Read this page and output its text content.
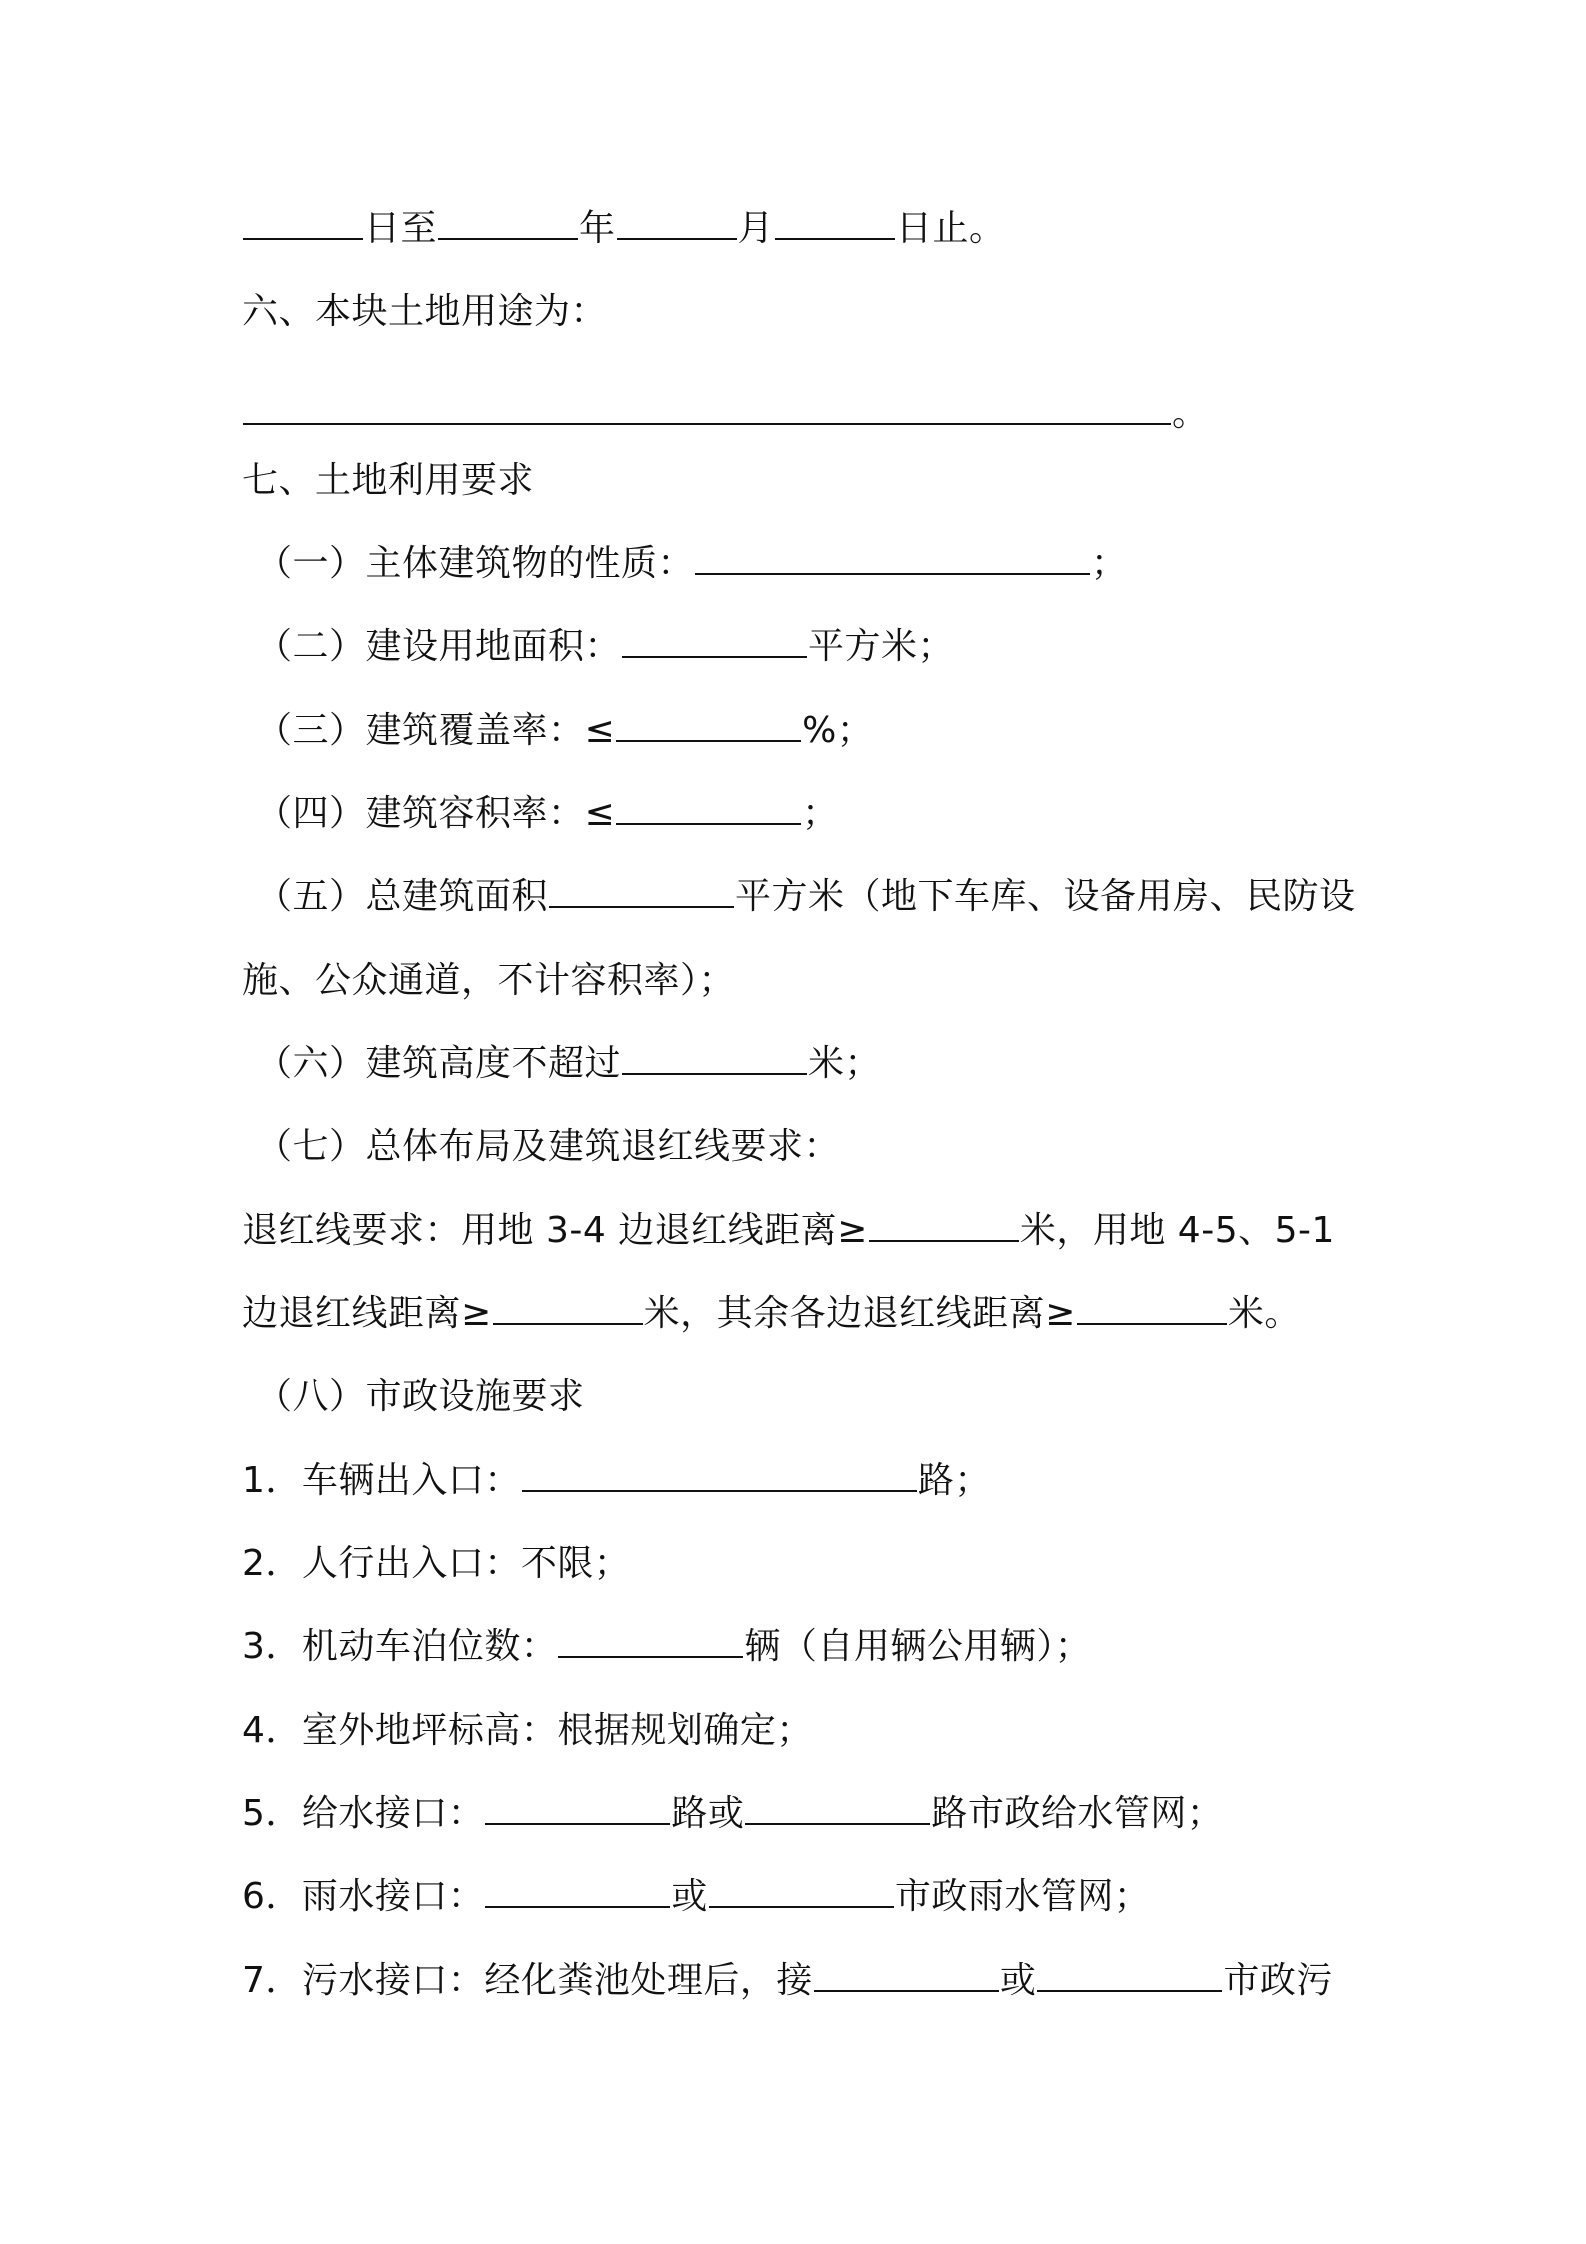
日至	年	月	日止。
六、本块土地用途为：
。
七、土地利用要求
（一）主体建筑物的性质：	；
（二）建设用地面积：	平方米；
（三）建筑覆盖率：≤	%；
（四）建筑容积率：≤	；
（五）总建筑面积	平方米（地下车库、设备用房、民防设
施、公众通道，不计容积率）；
（六）建筑高度不超过	米；
（七）总体布局及建筑退红线要求：
退红线要求：用地 3-4 边退红线距离≥	米，用地 4-5、5-1
边退红线距离≥	米，其余各边退红线距离≥	米。
（八）市政设施要求
1．车辆出入口：	路；
2．人行出入口：不限；
3．机动车泊位数：	辆（自用辆公用辆）；
4．室外地坪标高：根据规划确定；
5．给水接口：	路或	路市政给水管网；
6．雨水接口：	或	市政雨水管网；
7．污水接口：经化粪池处理后，接	或	市政污
